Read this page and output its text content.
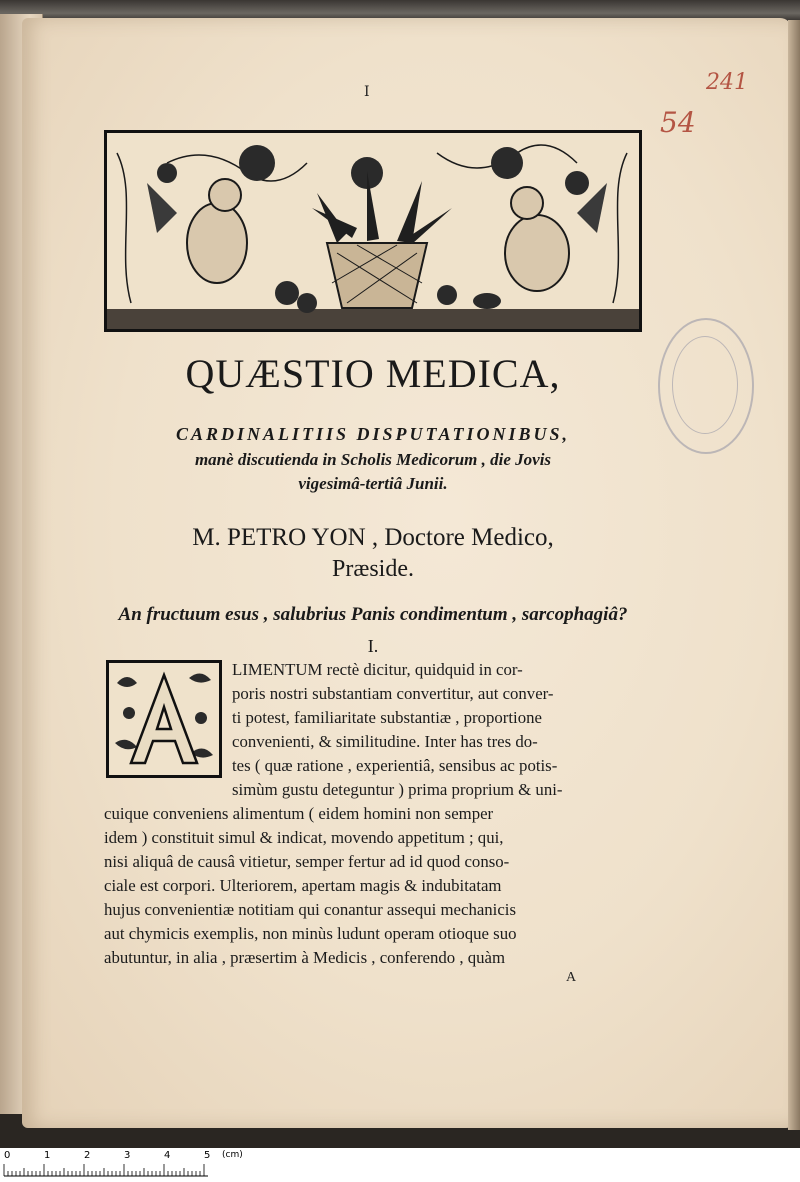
I	241
54
QUÆSTIO MEDICA,
CARDINALITIIS DISPUTATIONIBUS,
manè discutienda in Scholis Medicorum , die Jovis
vigesimâ-tertiâ Junii.
M. PETRO YON , Doctore Medico,
Præside.
An fructuum esus , salubrius Panis condimentum , sarcophagiâ?
I.
LIMENTUM rectè dicitur, quidquid in cor-
poris nostri substantiam convertitur, aut conver-
ti potest, familiaritate substantiæ , proportione
convenienti, & similitudine. Inter has tres do-
tes ( quæ ratione , experientiâ, sensibus ac potis-
simùm gustu deteguntur ) prima proprium & uni-
cuique conveniens alimentum ( eidem homini non semper
idem ) constituit simul & indicat, movendo appetitum ; qui,
nisi aliquâ de causâ vitietur, semper fertur ad id quod conso-
ciale est corpori. Ulteriorem, apertam magis & indubitatam
hujus convenientiæ notitiam qui conantur assequi mechanicis
aut chymicis exemplis, non minùs ludunt operam otioque suo
abutuntur, in alia , præsertim à Medicis , conferendo , quàm
A
0	1	2	3	4	5 (cm)
